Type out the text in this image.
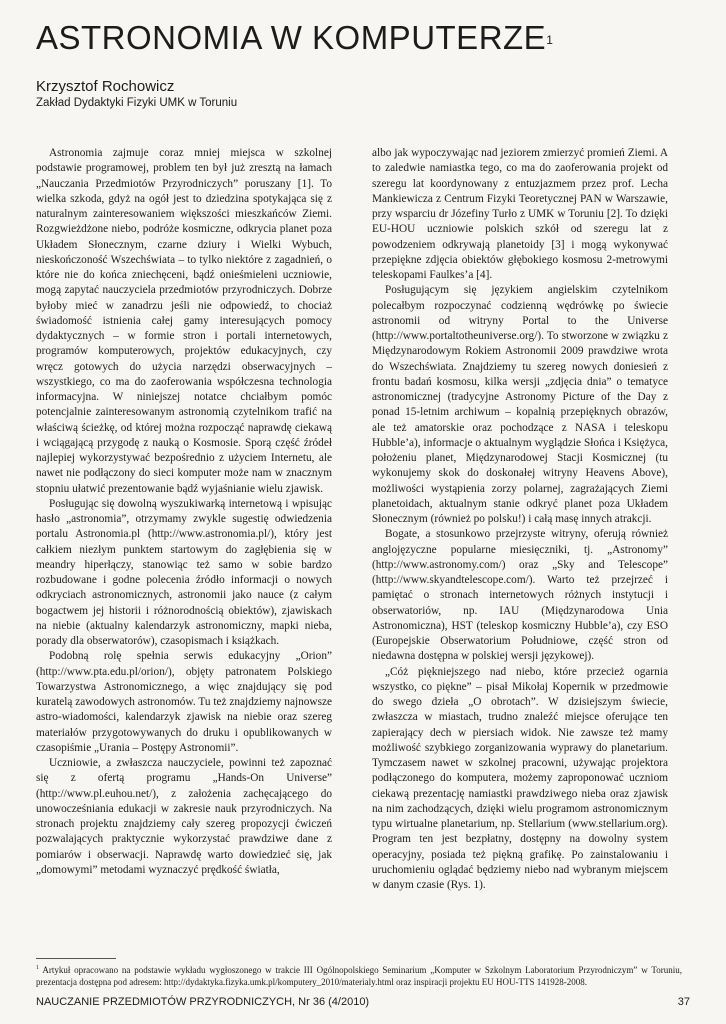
ASTRONOMIA W KOMPUTERZE$^1$

Krzysztof Rochowicz

Zakład Dydaktyki Fizyki UMK w Toruniu

Astronomia zajmuje coraz mniej miejsca w szkolnej podstawie programowej, problem ten był już zresztą na łamach „Nauczania Przedmiotów Przyrodniczych” poruszany [1]. To wielka szkoda, gdyż na ogół jest to dziedzina spotykająca się z naturalnym zainteresowaniem większości mieszkańców Ziemi. Rozgwieżdżone niebo, podróże kosmiczne, odkrycia planet poza Układem Słonecznym, czarne dziury i Wielki Wybuch, nieskończoność Wszechświata – to tylko niektóre z zagadnień, o które nie do końca zniechęceni, bądź onieśmieleni uczniowie, mogą zapytać nauczyciela przedmiotów przyrodniczych. Dobrze byłoby mieć w zanadrzu jeśli nie odpowiedź, to chociaż świadomość istnienia całej gamy interesujących pomocy dydaktycznych – w formie stron i portali internetowych, programów komputerowych, projektów edukacyjnych, czy wręcz gotowych do użycia narzędzi obserwacyjnych – wszystkiego, co ma do zaoferowania współczesna technologia informacyjna. W niniejszej notatce chciałbym pomóc potencjalnie zainteresowanym astronomią czytelnikom trafić na właściwą ścieżkę, od której można rozpocząć naprawdę ciekawą i wciągającą przygodę z nauką o Kosmosie. Sporą część źródeł najlepiej wykorzystywać bezpośrednio z użyciem Internetu, ale nawet nie podłączony do sieci komputer może nam w znacznym stopniu ułatwić prezentowanie bądź wyjaśnianie wielu zjawisk.

Posługując się dowolną wyszukiwarką internetową i wpisując hasło „astronomia”, otrzymamy zwykle sugestię odwiedzenia portalu Astronomia.pl (http://www.astronomia.pl/), który jest całkiem niezłym punktem startowym do zagłębienia się w meandry hiperłączy, stanowiąc też samo w sobie bardzo rozbudowane i godne polecenia źródło informacji o nowych odkryciach astronomicznych, astronomii jako nauce (z całym bogactwem jej historii i różnorodnością obiektów), zjawiskach na niebie (aktualny kalendarzyk astronomiczny, mapki nieba, porady dla obserwatorów), czasopismach i książkach.

Podobną rolę spełnia serwis edukacyjny „Orion” (http://www.pta.edu.pl/orion/), objęty patronatem Polskiego Towarzystwa Astronomicznego, a więc znajdujący się pod kuratelą zawodowych astronomów. Tu też znajdziemy najnowsze astro-wiadomości, kalendarzyk zjawisk na niebie oraz szereg materiałów przygotowywanych do druku i opublikowanych w czasopiśmie „Urania – Postępy Astronomii”.

Uczniowie, a zwłaszcza nauczyciele, powinni też zapoznać się z ofertą programu „Hands-On Universe” (http://www.pl.euhou.net/), z założenia zachęcającego do unowocześniania edukacji w zakresie nauk przyrodniczych. Na stronach projektu znajdziemy cały szereg propozycji ćwiczeń pozwalających praktycznie wykorzystać prawdziwe dane z pomiarów i obserwacji. Naprawdę warto dowiedzieć się, jak „domowymi” metodami wyznaczyć prędkość światła,

albo jak wypoczywając nad jeziorem zmierzyć promień Ziemi. A to zaledwie namiastka tego, co ma do zaoferowania projekt od szeregu lat koordynowany z entuzjazmem przez prof. Lecha Mankiewicza z Centrum Fizyki Teoretycznej PAN w Warszawie, przy wsparciu dr Józefiny Turło z UMK w Toruniu [2]. To dzięki EU-HOU uczniowie polskich szkół od szeregu lat z powodzeniem odkrywają planetoidy [3] i mogą wykonywać przepiękne zdjęcia obiektów głębokiego kosmosu 2-metrowymi teleskopami Faulkes’a [4].

Posługującym się językiem angielskim czytelnikom polecałbym rozpoczynać codzienną wędrówkę po świecie astronomii od witryny Portal to the Universe (http://www.portaltotheuniverse.org/). To stworzone w związku z Międzynarodowym Rokiem Astronomii 2009 prawdziwe wrota do Wszechświata. Znajdziemy tu szereg nowych doniesień z frontu badań kosmosu, kilka wersji „zdjęcia dnia” o tematyce astronomicznej (tradycyjne Astronomy Picture of the Day z ponad 15-letnim archiwum – kopalnią przepięknych obrazów, ale też amatorskie oraz pochodzące z NASA i teleskopu Hubble’a), informacje o aktualnym wyglądzie Słońca i Księżyca, położeniu planet, Międzynarodowej Stacji Kosmicznej (tu wykonujemy skok do doskonałej witryny Heavens Above), możliwości wystąpienia zorzy polarnej, zagrażających Ziemi planetoidach, aktualnym stanie odkryć planet poza Układem Słonecznym (również po polsku!) i całą masę innych atrakcji.

Bogate, a stosunkowo przejrzyste witryny, oferują również anglojęzyczne popularne miesięczniki, tj. „Astronomy” (http://www.astronomy.com/) oraz „Sky and Telescope” (http://www.skyandtelescope.com/). Warto też przejrzeć i pamiętać o stronach internetowych różnych instytucji i obserwatoriów, np. IAU (Międzynarodowa Unia Astronomiczna), HST (teleskop kosmiczny Hubble’a), czy ESO (Europejskie Obserwatorium Południowe, część stron od niedawna dostępna w polskiej wersji językowej).

„Cóż piękniejszego nad niebo, które przecież ogarnia wszystko, co piękne” – pisał Mikołaj Kopernik w przedmowie do swego dzieła „O obrotach”. W dzisiejszym świecie, zwłaszcza w miastach, trudno znaleźć miejsce oferujące ten zapierający dech w piersiach widok. Nie zawsze też mamy możliwość szybkiego zorganizowania wyprawy do planetarium. Tymczasem nawet w szkolnej pracowni, używając projektora podłączonego do komputera, możemy zaproponować uczniom ciekawą prezentację namiastki prawdziwego nieba oraz zjawisk na nim zachodzących, dzięki wielu programom astronomicznym typu wirtualne planetarium, np. Stellarium (www.stellarium.org). Program ten jest bezpłatny, dostępny na dowolny system operacyjny, posiada też piękną grafikę. Po zainstalowaniu i uruchomieniu oglądać będziemy niebo nad wybranym miejscem w danym czasie (Rys. 1).

$^1$ Artykuł opracowano na podstawie wykładu wygłoszonego w trakcie III Ogólnopolskiego Seminarium „Komputer w Szkolnym Laboratorium Przyrodniczym” w Toruniu, prezentacja dostępna pod adresem: http://dydaktyka.fizyka.umk.pl/komputery_2010/materialy.html oraz inspiracji projektu EU HOU-TTS 141928-2008.

NAUCZANIE PRZEDMIOTÓW PRZYRODNICZYCH, Nr 36 (4/2010)	37
